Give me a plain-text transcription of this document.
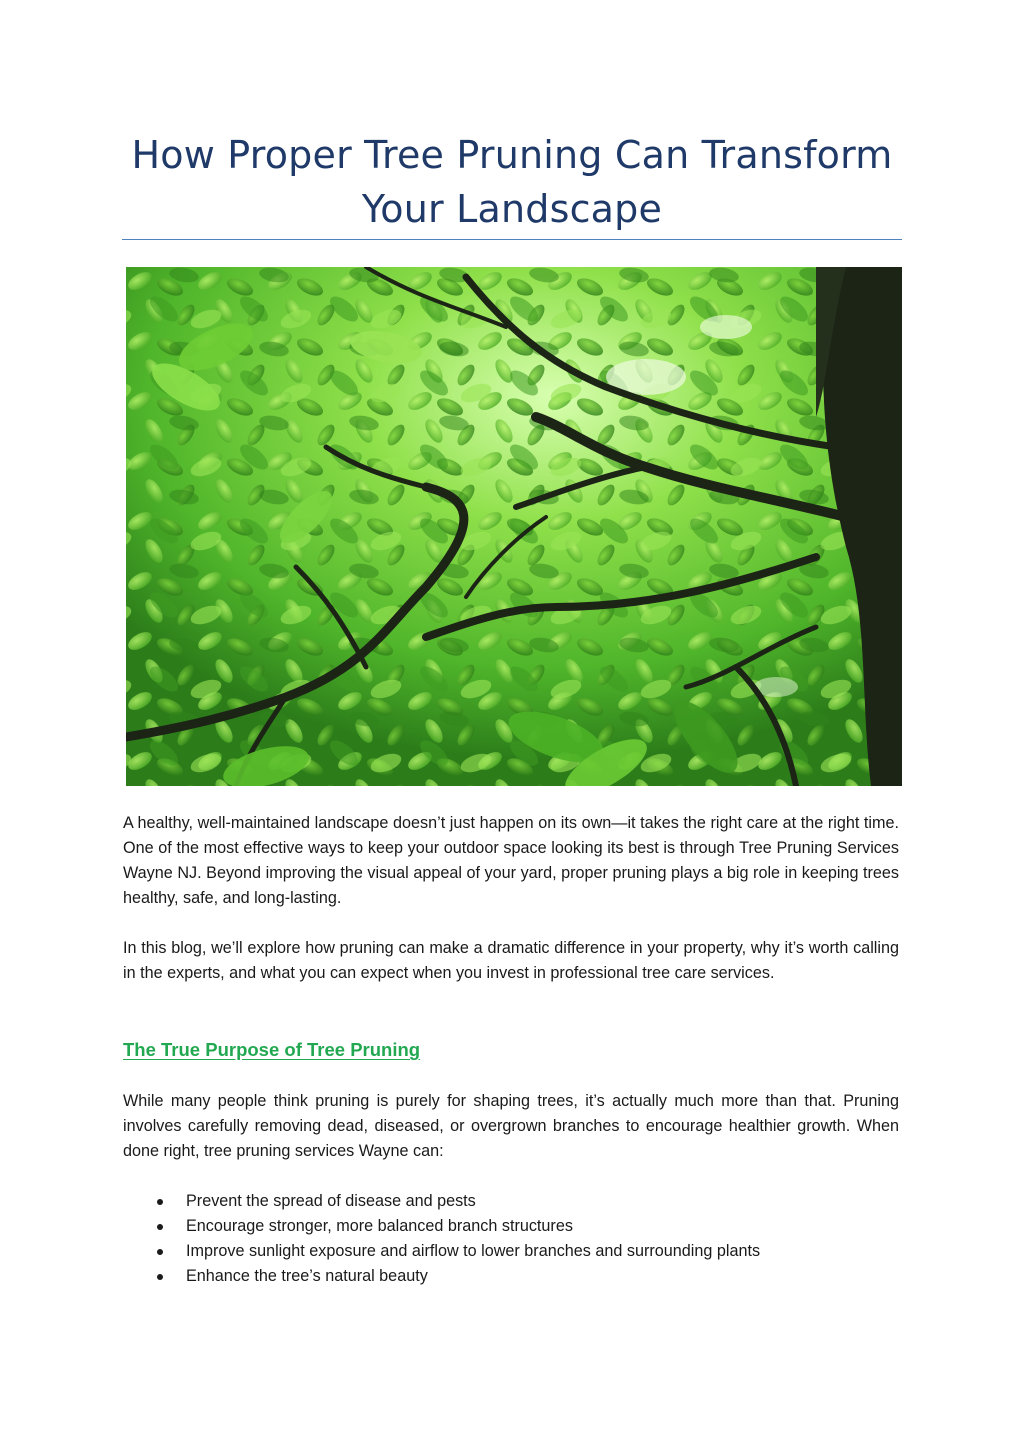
How Proper Tree Pruning Can Transform Your Landscape

A healthy, well-maintained landscape doesn’t just happen on its own—it takes the right care at the right time. One of the most effective ways to keep your outdoor space looking its best is through Tree Pruning Services Wayne NJ. Beyond improving the visual appeal of your yard, proper pruning plays a big role in keeping trees healthy, safe, and long-lasting.

In this blog, we’ll explore how pruning can make a dramatic difference in your property, why it’s worth calling in the experts, and what you can expect when you invest in professional tree care services.

The True Purpose of Tree Pruning

While many people think pruning is purely for shaping trees, it’s actually much more than that. Pruning involves carefully removing dead, diseased, or overgrown branches to encourage healthier growth. When done right, tree pruning services Wayne can:

Prevent the spread of disease and pests
Encourage stronger, more balanced branch structures
Improve sunlight exposure and airflow to lower branches and surrounding plants
Enhance the tree’s natural beauty
